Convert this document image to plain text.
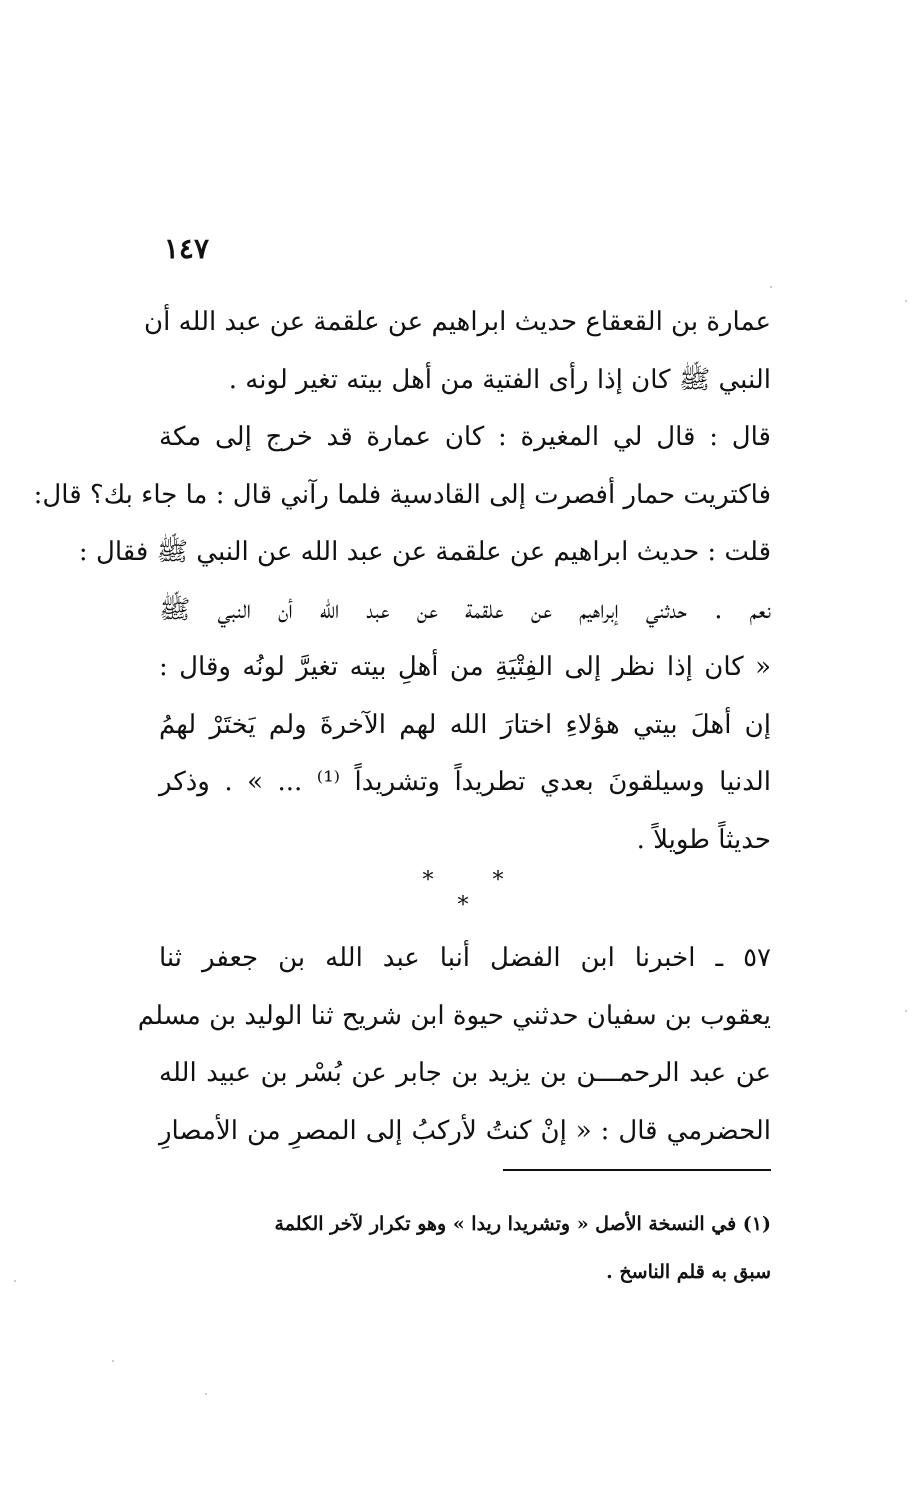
١٤٧
عمارة بن القعقاع حديث ابراهيم عن علقمة عن عبد الله أن
النبي ﷺ كان إذا رأى الفتية من أهل بيته تغير لونه .
قال : قال لي المغيرة : كان عمارة قد خرج إلى مكة
فاكتريت حمار أفصرت إلى القادسية فلما رآني قال : ما جاء بك؟ قال:
قلت : حديث ابراهيم عن علقمة عن عبد الله عن النبي ﷺ فقال :
نعم . حدثني إبراهيم عن علقمة عن عبد الله أن النبي ﷺ
« كان إذا نظر إلى الفِتْيَةِ من أهلِ بيته تغيرَّ لونُه وقال :
إن أهلَ بيتي هؤلاءِ اختارَ الله لهم الآخرةَ ولم يَختَرْ لهمُ
الدنيا وسيلقونَ بعدي تطريداً وتشريداً ⁽¹⁾ ... » . وذكر
حديثاً طويلاً .
* * *
٥٧ ـ اخبرنا ابن الفضل أنبا عبد الله بن جعفر ثنا
يعقوب بن سفيان حدثني حيوة ابن شريح ثنا الوليد بن مسلم
عن عبد الرحمـــن بن يزيد بن جابر عن بُسْر بن عبيد الله
الحضرمي قال : « إنْ كنتُ لأركبُ إلى المصرِ من الأمصارِ
(١) في النسخة الأصل « وتشريدا ريدا » وهو تكرار لآخر الكلمة
سبق به قلم الناسخ .
